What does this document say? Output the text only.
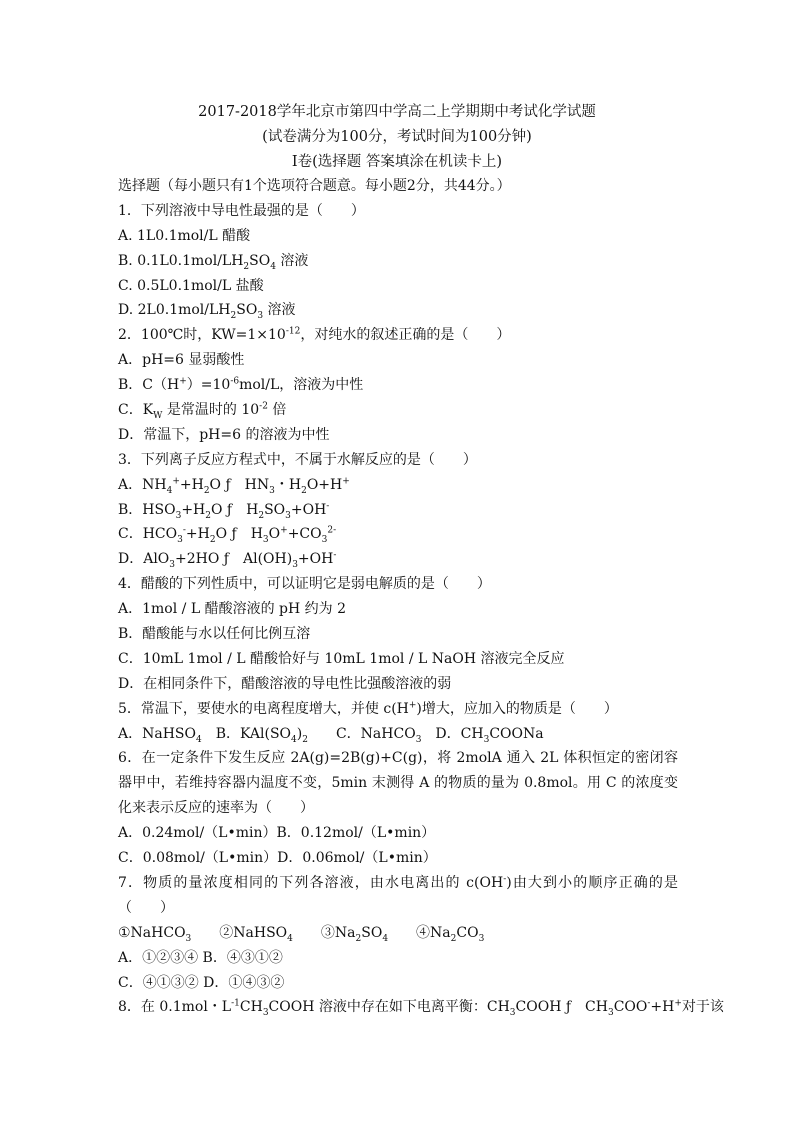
2017-2018学年北京市第四中学高二上学期期中考试化学试题
(试卷满分为100分，考试时间为100分钟)
Ⅰ卷(选择题 答案填涂在机读卡上)
选择题（每小题只有1个选项符合题意。每小题2分，共44分。）
1．下列溶液中导电性最强的是（　　）
A. 1L0.1mol/L 醋酸
B. $0.1L0.1mol/LH_2SO_4$ 溶液
C. 0.5L0.1mol/L 盐酸
D. $2L0.1mol/LH_2SO_3$ 溶液
2．100℃时，$KW=1\times 10^{-12}$，对纯水的叙述正确的是（　　）
A．pH=6 显弱酸性
B．$C(H^+)=10^{-6}mol/L$，溶液为中性
C．$K_W$ 是常温时的 $10^{-2}$ 倍
D．常温下，pH=6 的溶液为中性
3．下列离子反应方程式中，不属于水解反应的是（　　）
A．$NH_4^++H_2O$ ƒ　$HN_3$・$H_2O+H^+$
B．$HSO_3+H_2O$ ƒ　$H_2SO_3+OH^-$
C．$HCO_3^-+H_2O$ ƒ　$H_3O^++CO_3^{2-}$
D．AlO$_3$+2HO ƒ　$Al(OH)_3+OH^-$
4．醋酸的下列性质中，可以证明它是弱电解质的是（　　）
A．1mol / L 醋酸溶液的 pH 约为 2
B．醋酸能与水以任何比例互溶
C．10mL 1mol / L 醋酸恰好与 10mL 1mol / L NaOH 溶液完全反应
D．在相同条件下，醋酸溶液的导电性比强酸溶液的弱
5．常温下，要使水的电离程度增大，并使 c(H+)增大，应加入的物质是（　　）
A．NaHSO$_4$　B．$KAl(SO_4)_2$　　C．NaHCO$_3$　D．$CH_3COONa$
6．在一定条件下发生反应 2A(g)=2B(g)+C(g)，将 2molA 通入 2L 体积恒定的密闭容器甲中，若维持容器内温度不变，5min 末测得 A 的物质的量为 0.8mol。用 C 的浓度变化来表示反应的速率为（　　）
A．0.24mol/（L•min）B．0.12mol/（L•min）
C．0.08mol/（L•min）D．0.06mol/（L•min）
7．物质的量浓度相同的下列各溶液，由水电离出的 c(OH-)由大到小的顺序正确的是（　　）
①NaHCO$_3$　　②NaHSO$_4$　　$③Na_2SO_4$　　$④Na_2CO_3$
A．①②③④ B．④③①②
C．④①③② D．①④③②
8．在 0.1mol・$L^{-1}CH_3COOH$ 溶液中存在如下电离平衡：$CH_3COOH$ ƒ　$CH_3COO^-+H^+$对于该
